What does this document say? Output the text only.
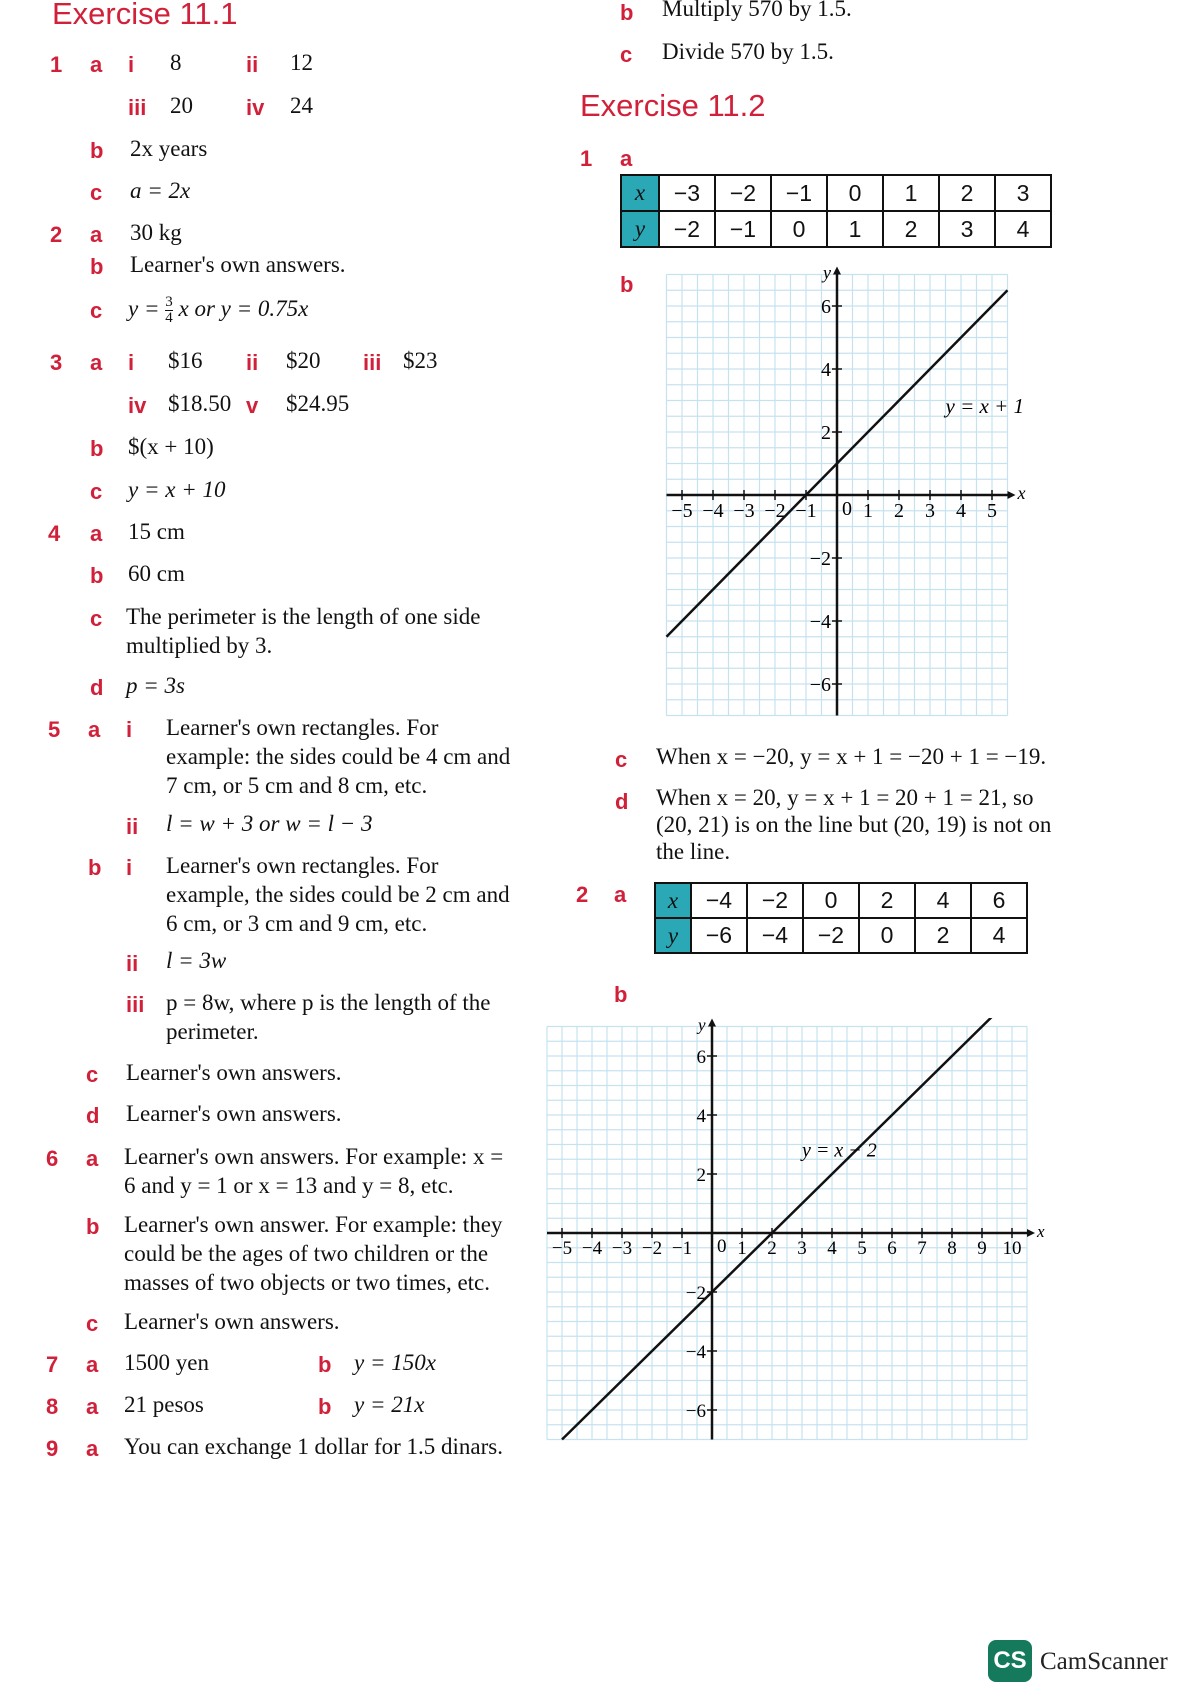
Exercise 11.1
1 a i 8	ii 12
iii 20 iv 24
b 2x years
c a = 2x
2 a 30 kg
b Learner's own answers.
c $y = \frac{3}{4}$ x or y = 0.75x
3 a i $16 ii $20 iii $23
iv $18.50 v $24.95
b $(x + 10)
c y = x + 10
4 a 15 cm
b 60 cm
c The perimeter is the length of one side multiplied by 3.
d p = 3s
5 a i Learner's own rectangles. For example: the sides could be 4 cm and 7 cm, or 5 cm and 8 cm, etc.
ii l = w + 3 or w = l − 3
b i Learner's own rectangles. For example, the sides could be 2 cm and 6 cm, or 3 cm and 9 cm, etc.
ii l = 3w
iii p = 8w, where p is the length of the perimeter.
c Learner's own answers.
d Learner's own answers.
6 a Learner's own answers. For example: x = 6 and y = 1 or x = 13 and y = 8, etc.
b Learner's own answer. For example: they could be the ages of two children or the masses of two objects or two times, etc.
c Learner's own answers.
7 a 1500 yen	b y = 150x
8 a 21 pesos	b y = 21x
9 a You can exchange 1 dollar for 1.5 dinars.
b Multiply 570 by 1.5.
c Divide 570 by 1.5.
Exercise 11.2
1 a
x	−3	−2	−1	0	1	2	3
y	−2	−1	0	1	2	3	4
b
−5 −4 −3 −2 −1 1 2 3 4 5
6
4
2
−2
−4
−6
0
x
y
y = x + 1
c When x = −20, y = x + 1 = −20 + 1 = −19.
d When x = 20, y = x + 1 = 20 + 1 = 21, so (20, 21) is on the line but (20, 19) is not on the line.
2 a x	−4	−2	0	2	4	6
y	−6	−4	−2	0	2	4
b
−5 −4 −3 −2 −1 1 2 3 4 5 6 7 8 9 10
6
4
2
−2
−4
−6
0
x
y
y = x − 2
CS CamScanner
